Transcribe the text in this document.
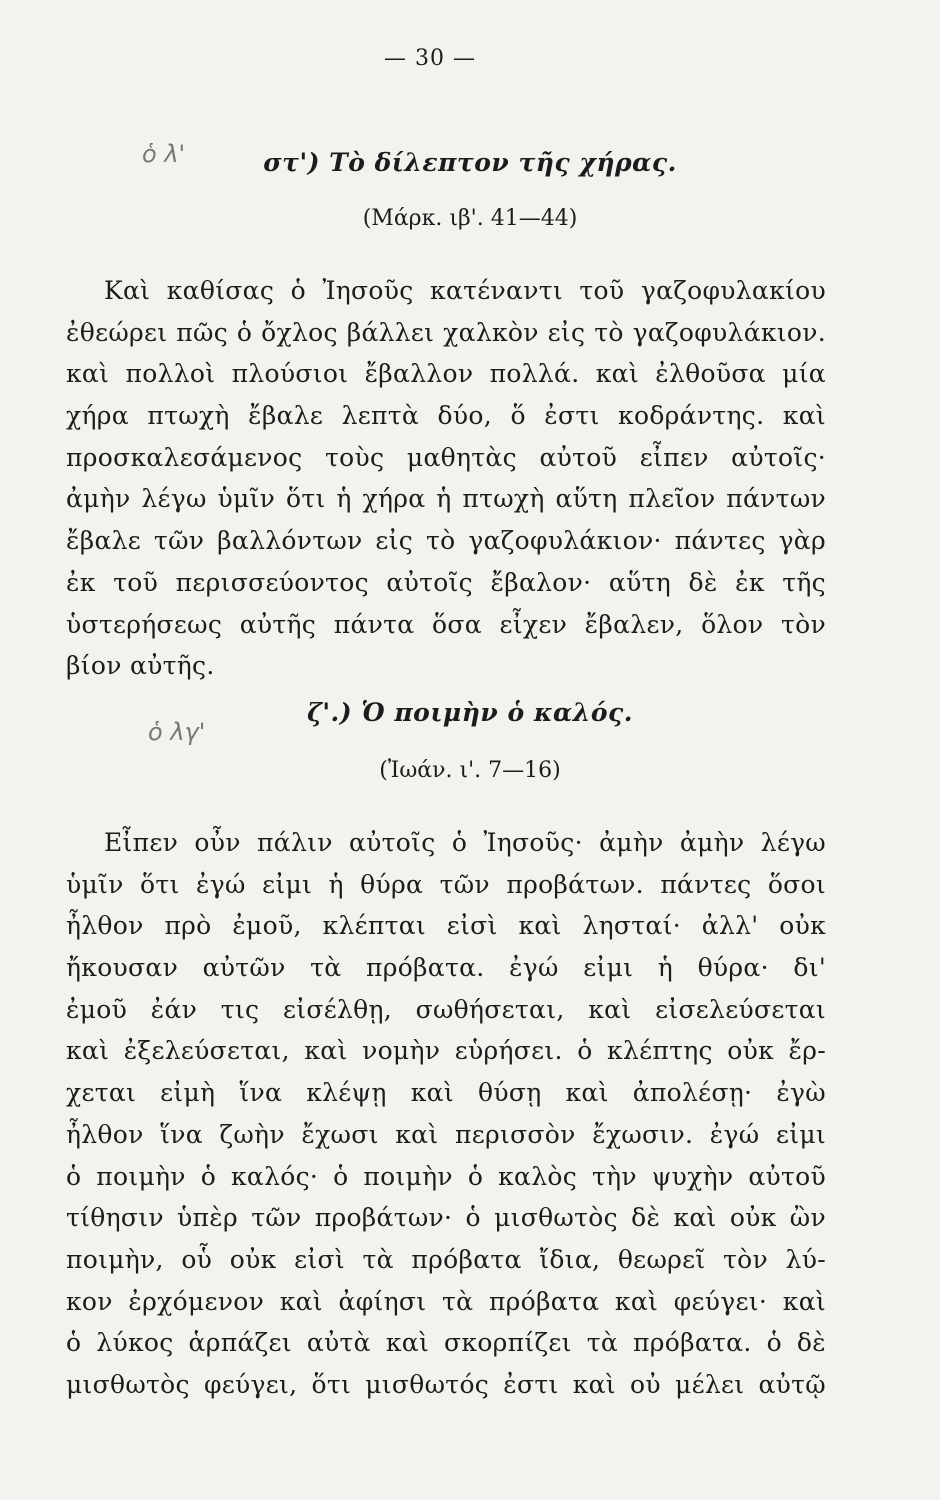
— 30 —
ὁ λ'
ὁ λγ'
στ') Τὸ δίλεπτον τῆς χήρας.
(Μάρκ. ιβ'. 41—44)
Καὶ καθίσας ὁ Ἰησοῦς κατέναντι τοῦ γαζοφυλακίου
ἐθεώρει πῶς ὁ ὄχλος βάλλει χαλκὸν εἰς τὸ γαζοφυλάκιον.
καὶ πολλοὶ πλούσιοι ἔβαλλον πολλά. καὶ ἐλθοῦσα μία
χήρα πτωχὴ ἔβαλε λεπτὰ δύο, ὅ ἐστι κοδράντης. καὶ
προσκαλεσάμενος τοὺς μαθητὰς αὐτοῦ εἶπεν αὐτοῖς·
ἀμὴν λέγω ὑμῖν ὅτι ἡ χήρα ἡ πτωχὴ αὕτη πλεῖον πάντων
ἔβαλε τῶν βαλλόντων εἰς τὸ γαζοφυλάκιον· πάντες γὰρ
ἐκ τοῦ περισσεύοντος αὐτοῖς ἔβαλον· αὕτη δὲ ἐκ τῆς
ὑστερήσεως αὐτῆς πάντα ὅσα εἶχεν ἔβαλεν, ὅλον τὸν
βίον αὐτῆς.
ζ'.) Ὁ ποιμὴν ὁ καλός.
(Ἰωάν. ι'. 7—16)
Εἶπεν οὖν πάλιν αὐτοῖς ὁ Ἰησοῦς· ἀμὴν ἀμὴν λέγω
ὑμῖν ὅτι ἐγώ εἰμι ἡ θύρα τῶν προβάτων. πάντες ὅσοι
ἦλθον πρὸ ἐμοῦ, κλέπται εἰσὶ καὶ λησταί· ἀλλ' οὐκ
ἤκουσαν αὐτῶν τὰ πρόβατα. ἐγώ εἰμι ἡ θύρα· δι'
ἐμοῦ ἐάν τις εἰσέλθῃ, σωθήσεται, καὶ εἰσελεύσεται
καὶ ἐξελεύσεται, καὶ νομὴν εὑρήσει. ὁ κλέπτης οὐκ ἔρ-
χεται εἰμὴ ἵνα κλέψῃ καὶ θύσῃ καὶ ἀπολέσῃ· ἐγὼ
ἦλθον ἵνα ζωὴν ἔχωσι καὶ περισσὸν ἔχωσιν. ἐγώ εἰμι
ὁ ποιμὴν ὁ καλός· ὁ ποιμὴν ὁ καλὸς τὴν ψυχὴν αὐτοῦ
τίθησιν ὑπὲρ τῶν προβάτων· ὁ μισθωτὸς δὲ καὶ οὐκ ὢν
ποιμὴν, οὗ οὐκ εἰσὶ τὰ πρόβατα ἴδια, θεωρεῖ τὸν λύ-
κον ἐρχόμενον καὶ ἀφίησι τὰ πρόβατα καὶ φεύγει· καὶ
ὁ λύκος ἁρπάζει αὐτὰ καὶ σκορπίζει τὰ πρόβατα. ὁ δὲ
μισθωτὸς φεύγει, ὅτι μισθωτός ἐστι καὶ οὐ μέλει αὐτῷ
